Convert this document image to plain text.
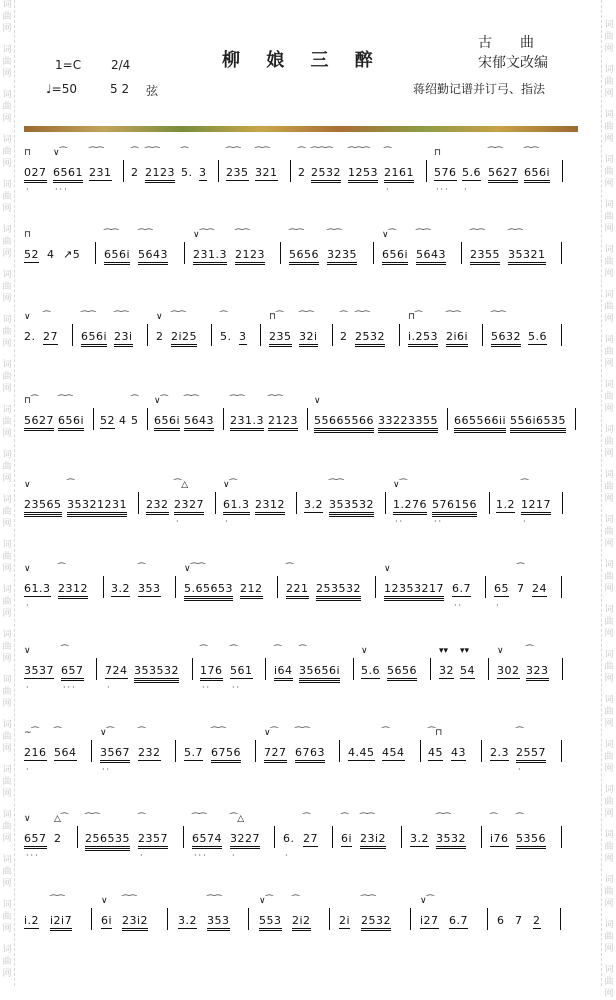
词
曲
网
词
曲
网
词
曲
网
词
曲
网
词
曲
网
词
曲
网
词
曲
网
词
曲
网
词
曲
网
词
曲
网
词
曲
网
词
曲
网
词
曲
网
词
曲
网
词
曲
网
词
曲
网
词
曲
网
词
曲
网
词
曲
网
词
曲
网
词
曲
网
词
曲
网
词
曲
网
词
曲
网
词
曲
网
词
曲
网
词
曲
网
词
曲
网
词
曲
网
词
曲
网
词
曲
网
词
曲
网
词
曲
网
词
曲
网
词
曲
网
词
曲
网
词
曲
网
词
曲
网
词
曲
网
词
曲
网
词
曲
网
词
曲
网
词
曲
网
词
曲
网
柳 娘 三 醉
1=C 2/4
♩=50	5 2 弦
古　　曲
宋郁文改编
蒋绍勤记谱并订弓、指法
027 6561 231 2 2123 5. 3 235 321 2 2532 1253 2161 576 5.6 56̇27 656i
⊓
·
∨⁀
···
⁀⁀	⁀ ⁀⁀ ⁀	⁀⁀ ⁀⁀	⁀ ⁀⁀⁀ ⁀⁀⁀ ⁀
·
⊓
··· ·
⁀⁀ ⁀⁀
52 4 ↗5 656i 5643 231.3 2123 5656 3235 656i 5643 2355 35321
⊓	⁀⁀ ⁀⁀	∨⁀⁀ ⁀⁀	⁀⁀	⁀⁀	∨⁀ ⁀⁀	⁀⁀	⁀⁀
2. 27 656i 23i 2 2i25 5. 3 235 32i 2 2532 i.253 2i6i 5632 5.6
∨ ⁀	⁀⁀ ⁀⁀	∨ ⁀⁀	⁀	⊓⁀ ⁀⁀	⁀ ⁀⁀	⊓⁀	⁀⁀	⁀⁀
56̇27 656i 52 4 5 656i 5643 231.3 2123 55665566 33223355 665566ii 556i6535
⊓⁀ ⁀⁀	⁀ ∨⁀ ⁀⁀	⁀⁀	⁀⁀	∨
23565 35321231 232 2327 61.3 2312 3.2 353532 1.276 576156 1.2 1217
∨	⁀	⁀△
·
∨⁀
·
⁀⁀	∨⁀
··	··
⁀
·
61.3 2312 3.2 353 5.65653 212 221 253532 12353217 6.7 65 7 24
∨
·
⁀	⁀	∨⁀⁀	⁀	∨
··	·
⁀
3537 657 724 353532 176 561 i64 35656i 5.6 5656 32 54 302 323
∨
·
⁀
···	·
⁀
··
⁀
··
⁀ ⁀	∨	▾▾ ▾▾	∨ ⁀
216 564 3567 232 5.7 6756 72̇7 6763 4.45 454 45 43 2.3 2557
~⁀
·
⁀	∨⁀
··
⁀	⁀⁀	∨⁀ ⁀⁀	⁀	⁀⊓	⁀
·
657 2 256535 2357 6574 3227 6. 27 6i 23i2 3.2 3532 i76 5356
∨
···
△⁀ ⁀⁀	⁀
·
⁀⁀
···
⁀△
·	·
⁀	⁀ ⁀⁀	⁀⁀	⁀ ⁀
i.2 i2i7	6i 23i2	3.2 353	553 2i2	2i 2532	i27 6.7	6 7 2
⁀⁀	∨ ⁀⁀	⁀⁀	∨⁀ ⁀	⁀⁀	∨⁀
